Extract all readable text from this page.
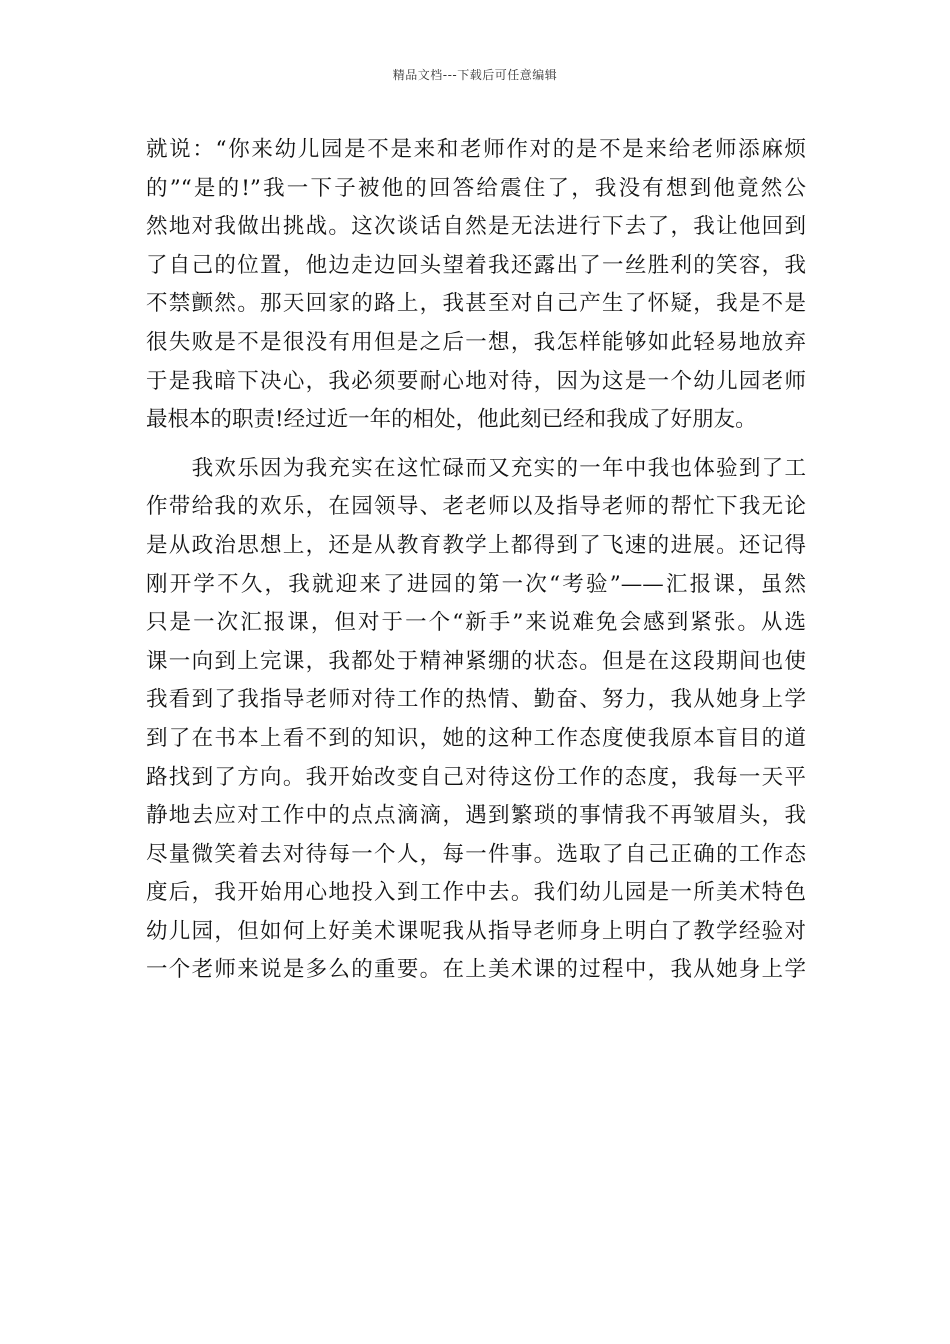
精品文档---下载后可任意编辑
就说：“你来幼儿园是不是来和老师作对的是不是来给老师添麻烦
的”“是的!”我一下子被他的回答给震住了，我没有想到他竟然公
然地对我做出挑战。这次谈话自然是无法进行下去了，我让他回到
了自己的位置，他边走边回头望着我还露出了一丝胜利的笑容，我
不禁颤然。那天回家的路上，我甚至对自己产生了怀疑，我是不是
很失败是不是很没有用但是之后一想，我怎样能够如此轻易地放弃
于是我暗下决心，我必须要耐心地对待，因为这是一个幼儿园老师
最根本的职责!经过近一年的相处，他此刻已经和我成了好朋友。
　　我欢乐因为我充实在这忙碌而又充实的一年中我也体验到了工
作带给我的欢乐，在园领导、老老师以及指导老师的帮忙下我无论
是从政治思想上，还是从教育教学上都得到了飞速的进展。还记得
刚开学不久，我就迎来了进园的第一次“考验”——汇报课，虽然
只是一次汇报课，但对于一个“新手”来说难免会感到紧张。从选
课一向到上完课，我都处于精神紧绷的状态。但是在这段期间也使
我看到了我指导老师对待工作的热情、勤奋、努力，我从她身上学
到了在书本上看不到的知识，她的这种工作态度使我原本盲目的道
路找到了方向。我开始改变自己对待这份工作的态度，我每一天平
静地去应对工作中的点点滴滴，遇到繁琐的事情我不再皱眉头，我
尽量微笑着去对待每一个人，每一件事。选取了自己正确的工作态
度后，我开始用心地投入到工作中去。我们幼儿园是一所美术特色
幼儿园，但如何上好美术课呢我从指导老师身上明白了教学经验对
一个老师来说是多么的重要。在上美术课的过程中，我从她身上学
